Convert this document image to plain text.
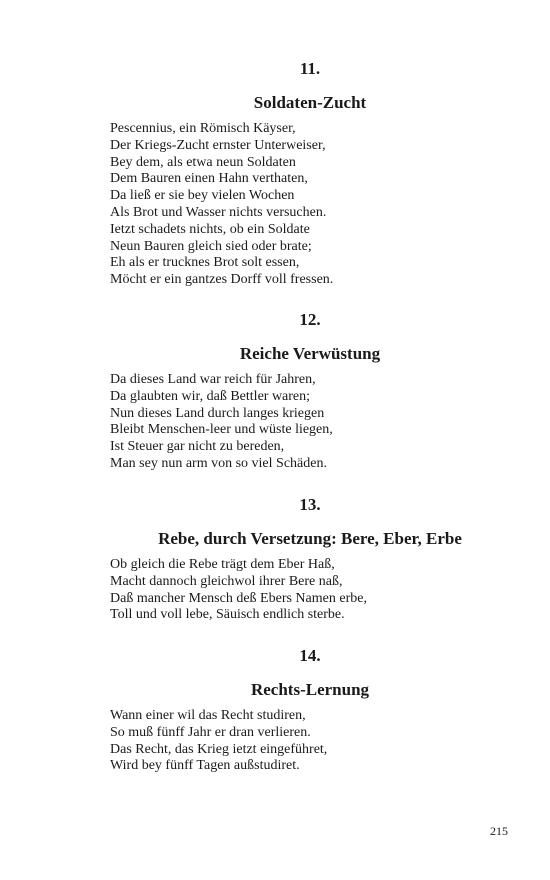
11.
Soldaten-Zucht
Pescennius, ein Römisch Käyser,
Der Kriegs-Zucht ernster Unterweiser,
Bey dem, als etwa neun Soldaten
Dem Bauren einen Hahn verthaten,
Da ließ er sie bey vielen Wochen
Als Brot und Wasser nichts versuchen.
Ietzt schadets nichts, ob ein Soldate
Neun Bauren gleich sied oder brate;
Eh als er trucknes Brot solt essen,
Möcht er ein gantzes Dorff voll fressen.
12.
Reiche Verwüstung
Da dieses Land war reich für Jahren,
Da glaubten wir, daß Bettler waren;
Nun dieses Land durch langes kriegen
Bleibt Menschen-leer und wüste liegen,
Ist Steuer gar nicht zu bereden,
Man sey nun arm von so viel Schäden.
13.
Rebe, durch Versetzung: Bere, Eber, Erbe
Ob gleich die Rebe trägt dem Eber Haß,
Macht dannoch gleichwol ihrer Bere naß,
Daß mancher Mensch deß Ebers Namen erbe,
Toll und voll lebe, Säuisch endlich sterbe.
14.
Rechts-Lernung
Wann einer wil das Recht studiren,
So muß fünff Jahr er dran verlieren.
Das Recht, das Krieg ietzt eingeführet,
Wird bey fünff Tagen außstudiret.
215
